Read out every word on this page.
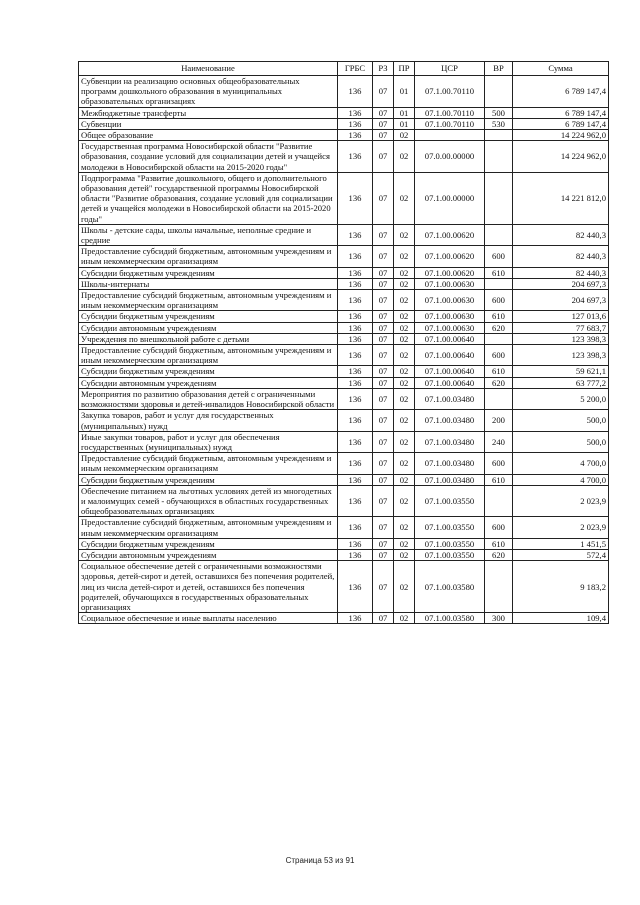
Наименование	ГРБС	РЗ	ПР	ЦСР	ВР	Сумма
Субвенции на реализацию основных общеобразовательных программ дошкольного образования в муниципальных образовательных организациях	136	07	01	07.1.00.70110		6 789 147,4
Межбюджетные трансферты	136	07	01	07.1.00.70110	500	6 789 147,4
Субвенции	136	07	01	07.1.00.70110	530	6 789 147,4
Общее образование	136	07	02			14 224 962,0
Государственная программа Новосибирской области "Развитие образования, создание условий для социализации детей и учащейся молодежи в Новосибирской области на 2015-2020 годы"	136	07	02	07.0.00.00000		14 224 962,0
Подпрограмма "Развитие дошкольного, общего и дополнительного образования детей" государственной программы Новосибирской области "Развитие образования, создание условий для социализации детей и учащейся молодежи в Новосибирской области на 2015-2020 годы"	136	07	02	07.1.00.00000		14 221 812,0
Школы - детские сады, школы начальные, неполные средние и средние	136	07	02	07.1.00.00620		82 440,3
Предоставление субсидий бюджетным, автономным учреждениям и иным некоммерческим организациям	136	07	02	07.1.00.00620	600	82 440,3
Субсидии бюджетным учреждениям	136	07	02	07.1.00.00620	610	82 440,3
Школы-интернаты	136	07	02	07.1.00.00630		204 697,3
Предоставление субсидий бюджетным, автономным учреждениям и иным некоммерческим организациям	136	07	02	07.1.00.00630	600	204 697,3
Субсидии бюджетным учреждениям	136	07	02	07.1.00.00630	610	127 013,6
Субсидии автономным учреждениям	136	07	02	07.1.00.00630	620	77 683,7
Учреждения по внешкольной работе с детьми	136	07	02	07.1.00.00640		123 398,3
Предоставление субсидий бюджетным, автономным учреждениям и иным некоммерческим организациям	136	07	02	07.1.00.00640	600	123 398,3
Субсидии бюджетным учреждениям	136	07	02	07.1.00.00640	610	59 621,1
Субсидии автономным учреждениям	136	07	02	07.1.00.00640	620	63 777,2
Мероприятия по развитию образования детей с ограниченными возможностями здоровья и детей-инвалидов Новосибирской области	136	07	02	07.1.00.03480		5 200,0
Закупка товаров, работ и услуг для государственных (муниципальных) нужд	136	07	02	07.1.00.03480	200	500,0
Иные закупки товаров, работ и услуг для обеспечения государственных (муниципальных) нужд	136	07	02	07.1.00.03480	240	500,0
Предоставление субсидий бюджетным, автономным учреждениям и иным некоммерческим организациям	136	07	02	07.1.00.03480	600	4 700,0
Субсидии бюджетным учреждениям	136	07	02	07.1.00.03480	610	4 700,0
Обеспечение питанием на льготных условиях детей из многодетных и малоимущих семей - обучающихся в областных государственных общеобразовательных организациях	136	07	02	07.1.00.03550		2 023,9
Предоставление субсидий бюджетным, автономным учреждениям и иным некоммерческим организациям	136	07	02	07.1.00.03550	600	2 023,9
Субсидии бюджетным учреждениям	136	07	02	07.1.00.03550	610	1 451,5
Субсидии автономным учреждениям	136	07	02	07.1.00.03550	620	572,4
Социальное обеспечение детей с ограниченными возможностями здоровья, детей-сирот и детей, оставшихся без попечения родителей, лиц из числа детей-сирот и детей, оставшихся без попечения родителей, обучающихся в государственных образовательных организациях	136	07	02	07.1.00.03580		9 183,2
Социальное обеспечение и иные выплаты населению	136	07	02	07.1.00.03580	300	109,4
Страница 53 из 91
